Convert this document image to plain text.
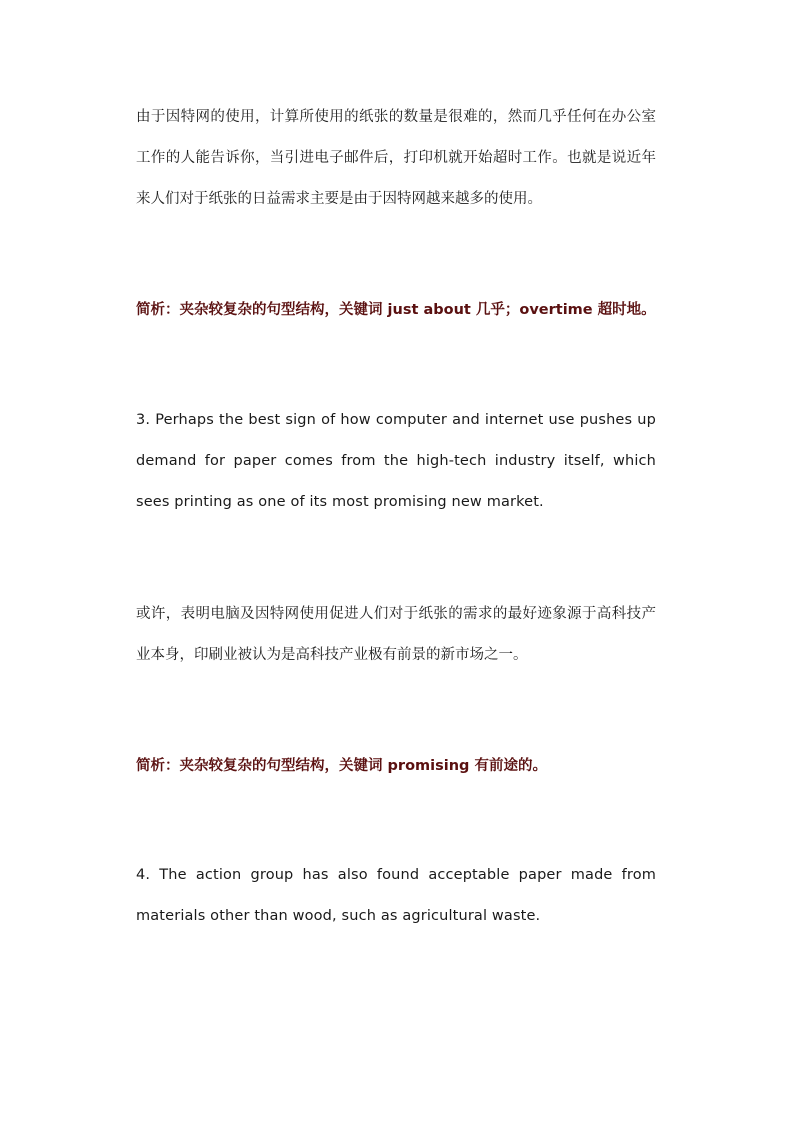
由于因特网的使用，计算所使用的纸张的数量是很难的，然而几乎任何在办公室工作的人能告诉你，当引进电子邮件后，打印机就开始超时工作。也就是说近年来人们对于纸张的日益需求主要是由于因特网越来越多的使用。

简析：夹杂较复杂的句型结构，关键词 just about 几乎；overtime 超时地。

3. Perhaps the best sign of how computer and internet use pushes up demand for paper comes from the high-tech industry itself, which sees printing as one of its most promising new market.

或许，表明电脑及因特网使用促进人们对于纸张的需求的最好迹象源于高科技产业本身，印刷业被认为是高科技产业极有前景的新市场之一。

简析：夹杂较复杂的句型结构，关键词 promising 有前途的。

4. The action group has also found acceptable paper made from materials other than wood, such as agricultural waste.
